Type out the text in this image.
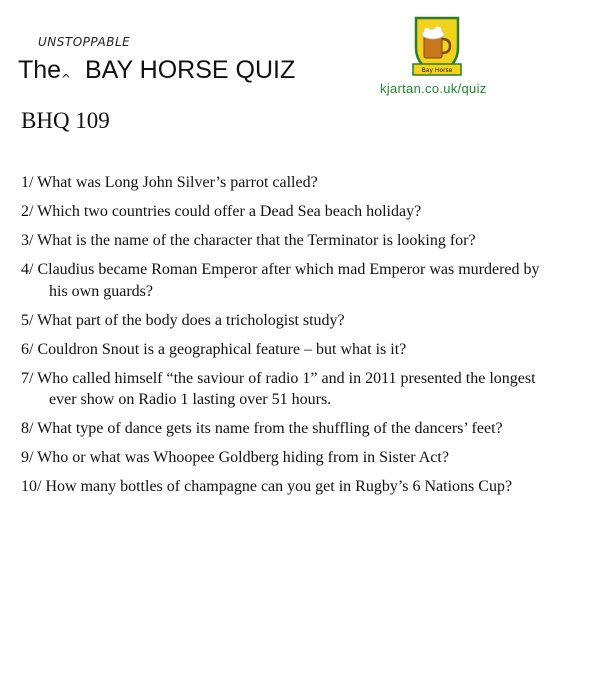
UNSTOPPABLE
The ^ BAY HORSE QUIZ	Bay Horse
kjartan.co.uk/quiz
BHQ 109

1/ What was Long John Silver’s parrot called?

2/ Which two countries could offer a Dead Sea beach holiday?

3/ What is the name of the character that the Terminator is looking for?

4/ Claudius became Roman Emperor after which mad Emperor was murdered by his own guards?

5/ What part of the body does a trichologist study?

6/ Couldron Snout is a geographical feature – but what is it?

7/ Who called himself “the saviour of radio 1” and in 2011 presented the longest ever show on Radio 1 lasting over 51 hours.

8/ What type of dance gets its name from the shuffling of the dancers’ feet?

9/ Who or what was Whoopee Goldberg hiding from in Sister Act?

10/ How many bottles of champagne can you get in Rugby’s 6 Nations Cup?
